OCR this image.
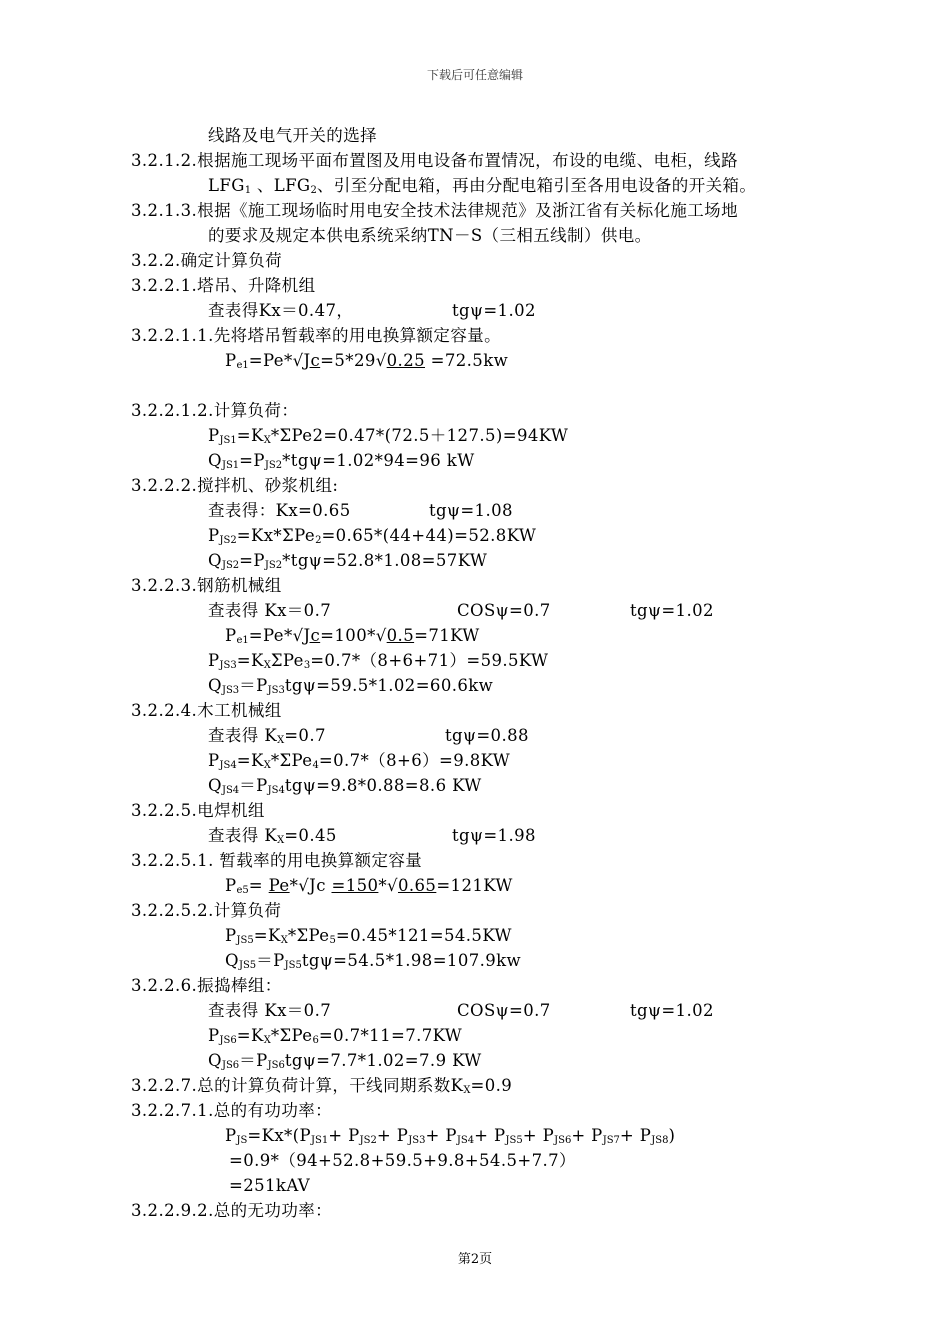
下载后可任意编辑
线路及电气开关的选择
3.2.1.2.根据施工现场平面布置图及用电设备布置情况，布设的电缆、电柜，线路
$LFG_1$ 、$LFG_2$、引至分配电箱，再由分配电箱引至各用电设备的开关箱。
3.2.1.3.根据《施工现场临时用电安全技术法律规范》及浙江省有关标化施工场地
的要求及规定本供电系统采纳TN－S（三相五线制）供电。
3.2.2.确定计算负荷
3.2.2.1.塔吊、升降机组
查表得Kx＝0.47，	tgψ=1.02
3.2.2.1.1.先将塔吊暂载率的用电换算额定容量。
$P_{e1}=Pe*√Jc=5*29√0.25 =72.5kw$
3.2.2.1.2.计算负荷：
$P_{JS1}=K_X*\Sigma Pe2=0.47*(72.5+127.5)=94KW$
$Q_{JS1}=P_{JS2}*tg\psi=1.02*94=96$ kW
3.2.2.2.搅拌机、砂浆机组:
查表得：Kx=0.65	tgψ=1.08
$P_{JS2}=Kx*\Sigma Pe_2=0.65*(44+44)=52.8KW$
$Q_{JS2}=P_{JS2}*tg\psi=52.8*1.08=57KW$
3.2.2.3.钢筋机械组
查表得 Kx＝0.7	COSψ=0.7	tgψ=1.02
$P_{e1}=Pe*√Jc=100*√0.5=71KW$
$P_{JS3}=K_X\Sigma Pe_3=0.7*(8+6+71)=59.5KW$
$Q_{JS3}=P_{JS3}tg\psi=59.5*1.02=60.6kw$
3.2.2.4.木工机械组
查表得 $K_X=0.7$	tgψ=0.88
$P_{JS4}=K_X*\Sigma Pe_4=0.7*(8+6)=9.8KW$
$Q_{JS4}=P_{JS4}tg\psi=9.8*0.88=8.6$ KW
3.2.2.5.电焊机组
查表得 $K_X=0.45$	tgψ=1.98
3.2.2.5.1. 暂载率的用电换算额定容量
$P_{e5}= Pe*√Jc =150*√0.65=121KW$
3.2.2.5.2.计算负荷
$P_{JS5}=K_X*\Sigma Pe_5=0.45*121=54.5KW$
$Q_{JS5}=P_{JS5}tg\psi=54.5*1.98=107.9kw$
3.2.2.6.振捣棒组：
查表得 Kx＝0.7	COSψ=0.7	tgψ=1.02
$P_{JS6}=K_X*\Sigma Pe_6=0.7*11=7.7KW$
$Q_{JS6}=P_{JS6}tg\psi=7.7*1.02=7.9$ KW
3.2.2.7.总的计算负荷计算，干线同期系数$K_X=0.9$
3.2.2.7.1.总的有功功率：
$P_{JS}=Kx*(P_{JS1}+ P_{JS2}+ P_{JS3}+ P_{JS4}+ P_{JS5}+ P_{JS6}+ P_{JS7}+ P_{JS8})$
=0.9*（94+52.8+59.5+9.8+54.5+7.7）
=251kAV
3.2.2.9.2.总的无功功率：
第2页
